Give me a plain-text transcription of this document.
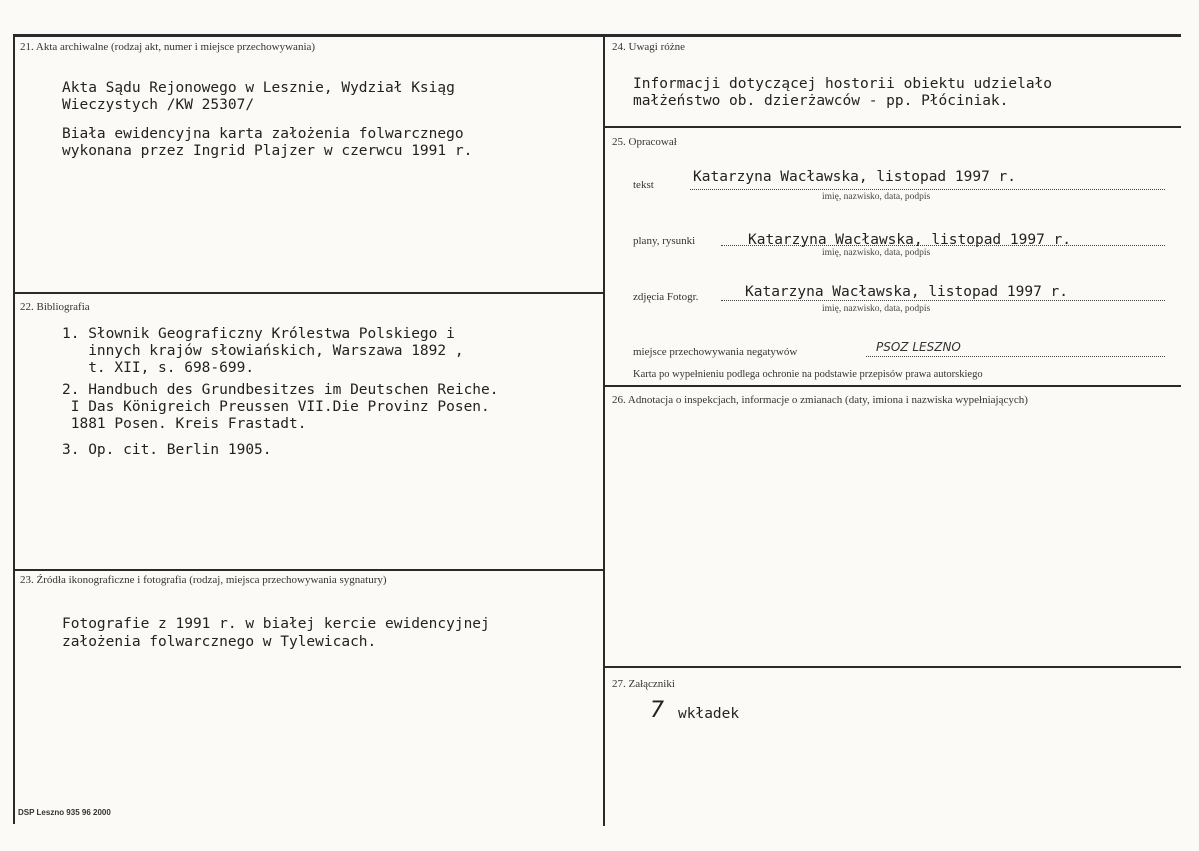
21. Akta archiwalne (rodzaj akt, numer i miejsce przechowywania)
Akta Sądu Rejonowego w Lesznie, Wydział Ksiąg
Wieczystych /KW 25307/
Biała ewidencyjna karta założenia folwarcznego
wykonana przez Ingrid Plajzer w czerwcu 1991 r.
22. Bibliografia
1. Słownik Geograficzny Królestwa Polskiego i
innych krajów słowiańskich, Warszawa 1892 ,
t. XII, s. 698-699.
2. Handbuch des Grundbesitzes im Deutschen Reiche.
I Das Königreich Preussen VII.Die Provinz Posen.
1881 Posen. Kreis Frastadt.
3. Op. cit. Berlin 1905.
23. Źródła ikonograficzne i fotografia (rodzaj, miejsca przechowywania sygnatury)
Fotografie z 1991 r. w białej kercie ewidencyjnej
założenia folwarcznego w Tylewicach.
24. Uwagi różne
Informacji dotyczącej hostorii obiektu udzielało
małżeństwo ob. dzierżawców - pp. Płóciniak.
25. Opracował
tekst	Katarzyna Wacławska, listopad 1997 r.
imię, nazwisko, data, podpis
plany, rysunki	Katarzyna Wacławska, listopad 1997 r.
imię, nazwisko, data, podpis
zdjęcia Fotogr.	Katarzyna Wacławska, listopad 1997 r.
imię, nazwisko, data, podpis
miejsce przechowywania negatywów	PSOZ LESZNO
Karta po wypełnieniu podlega ochronie na podstawie przepisów prawa autorskiego
26. Adnotacja o inspekcjach, informacje o zmianach (daty, imiona i nazwiska wypełniających)
27. Załączniki
7 wkładek
DSP Leszno 935 96 2000
